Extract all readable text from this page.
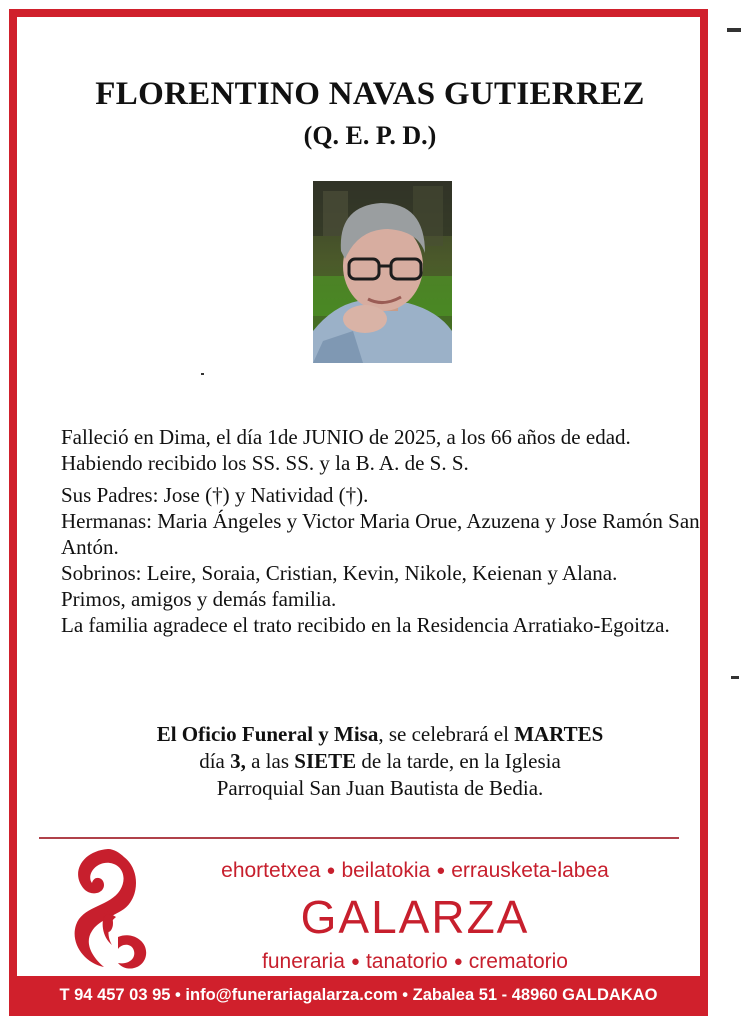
FLORENTINO NAVAS GUTIERREZ
(Q. E. P. D.)

Falleció en Dima, el día 1de JUNIO de 2025, a los 66 años de edad. Habiendo recibido los SS. SS. y la B. A. de S. S.

Sus Padres: Jose (†) y Natividad (†).

Hermanas: Maria Ángeles y Victor Maria Orue, Azuzena y Jose Ramón San Antón.

Sobrinos: Leire, Soraia, Cristian, Kevin, Nikole, Keienan y Alana.

Primos, amigos y demás familia.

La familia agradece el trato recibido en la Residencia Arratiako-Egoitza.

El Oficio Funeral y Misa, se celebrará el MARTES
día 3, a las SIETE de la tarde, en la Iglesia
Parroquial San Juan Bautista de Bedia.
ehortetxea ● beilatokia ● errausketa-labea
GALARZA
funeraria ● tanatorio ● crematorio
T 94 457 03 95 • info@funerariagalarza.com • Zabalea 51 - 48960 GALDAKAO
